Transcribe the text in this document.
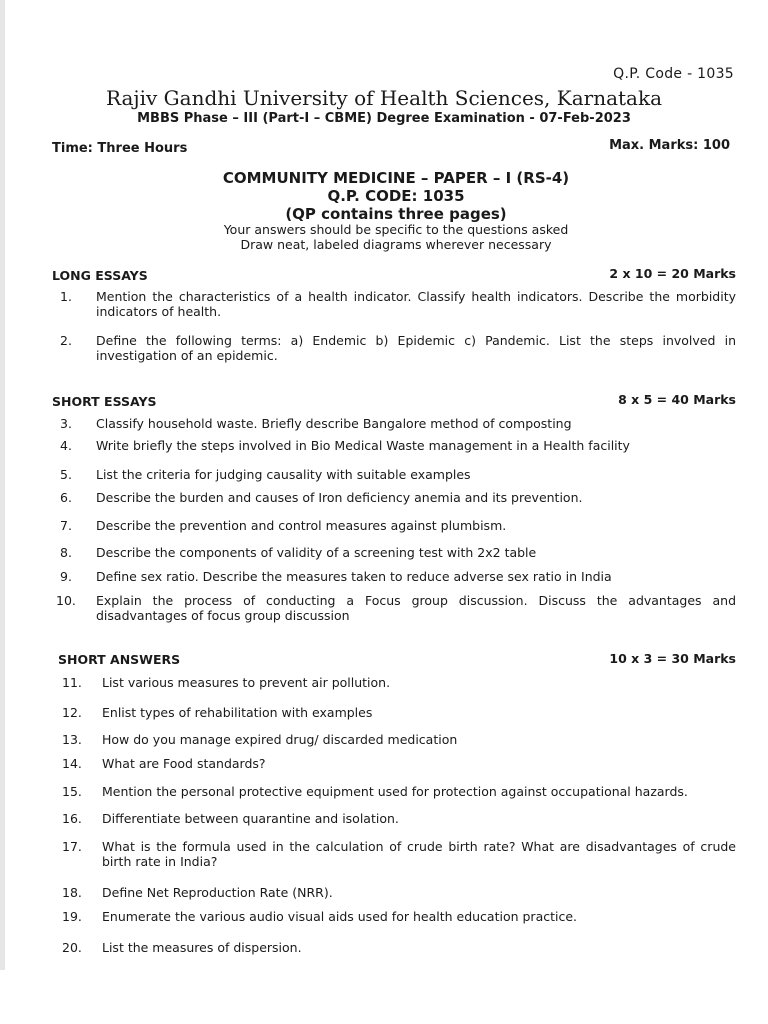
Q.P. Code - 1035
Rajiv Gandhi University of Health Sciences, Karnataka
MBBS Phase – III (Part-I – CBME) Degree Examination - 07-Feb-2023
Time: Three Hours	Max. Marks: 100
COMMUNITY MEDICINE – PAPER – I (RS-4)
Q.P. CODE: 1035
(QP contains three pages)
Your answers should be specific to the questions asked
Draw neat, labeled diagrams wherever necessary
LONG ESSAYS	2 x 10 = 20 Marks
1. Mention the characteristics of a health indicator. Classify health indicators. Describe the morbidity indicators of health.
2. Define the following terms: a) Endemic b) Epidemic c) Pandemic. List the steps involved in investigation of an epidemic.
SHORT ESSAYS	8 x 5 = 40 Marks
3. Classify household waste. Briefly describe Bangalore method of composting
4. Write briefly the steps involved in Bio Medical Waste management in a Health facility
5. List the criteria for judging causality with suitable examples
6. Describe the burden and causes of Iron deficiency anemia and its prevention.
7. Describe the prevention and control measures against plumbism.
8. Describe the components of validity of a screening test with 2x2 table
9. Define sex ratio. Describe the measures taken to reduce adverse sex ratio in India
10. Explain the process of conducting a Focus group discussion. Discuss the advantages and disadvantages of focus group discussion
SHORT ANSWERS	10 x 3 = 30 Marks
11. List various measures to prevent air pollution.
12. Enlist types of rehabilitation with examples
13. How do you manage expired drug/ discarded medication
14. What are Food standards?
15. Mention the personal protective equipment used for protection against occupational hazards.
16. Differentiate between quarantine and isolation.
17. What is the formula used in the calculation of crude birth rate? What are disadvantages of crude birth rate in India?
18. Define Net Reproduction Rate (NRR).
19. Enumerate the various audio visual aids used for health education practice.
20. List the measures of dispersion.
